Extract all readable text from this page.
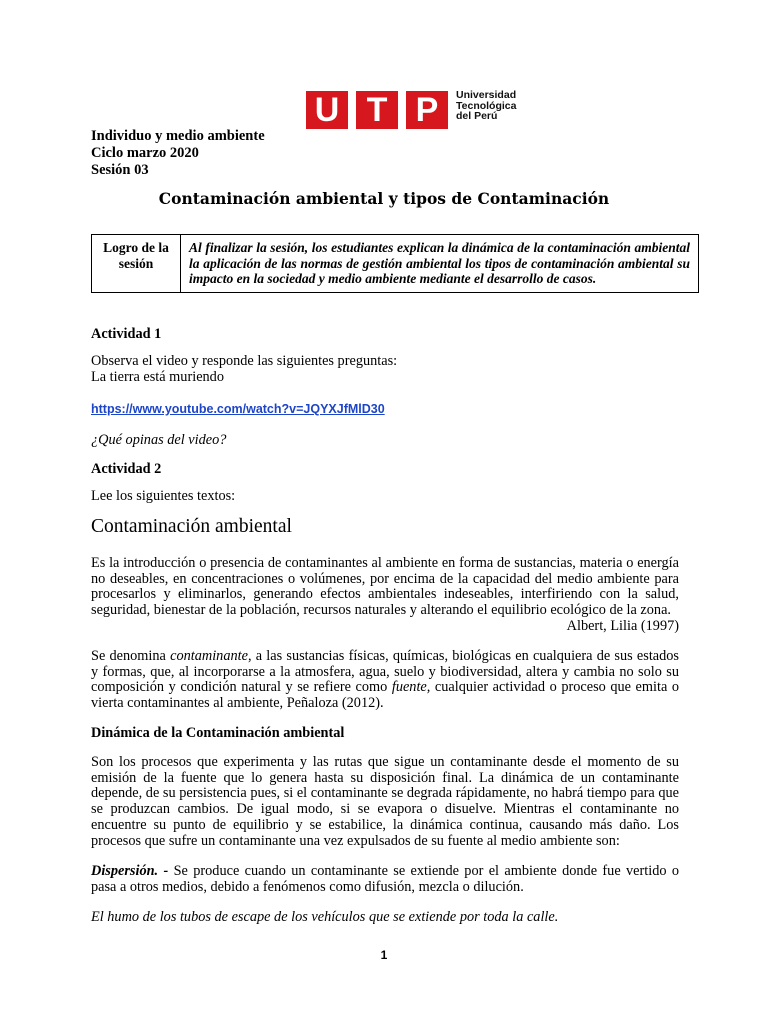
U T P	Universidad
Tecnológica
del Perú
Individuo y medio ambiente
Ciclo marzo 2020
Sesión 03
Contaminación ambiental y tipos de Contaminación
Logro de la sesión	Al finalizar la sesión, los estudiantes explican la dinámica de la contaminación ambiental la aplicación de las normas de gestión ambiental los tipos de contaminación ambiental su impacto en la sociedad y medio ambiente mediante el desarrollo de casos.
Actividad 1
Observa el video y responde las siguientes preguntas:
La tierra está muriendo
https://www.youtube.com/watch?v=JQYXJfMlD30
¿Qué opinas del video?
Actividad 2
Lee los siguientes textos:
Contaminación ambiental
Es la introducción o presencia de contaminantes al ambiente en forma de sustancias, materia o energía no deseables, en concentraciones o volúmenes, por encima de la capacidad del medio ambiente para procesarlos y eliminarlos, generando efectos ambientales indeseables, interfiriendo con la salud, seguridad, bienestar de la población, recursos naturales y alterando el equilibrio ecológico de la zona.
Albert, Lilia (1997)
Se denomina contaminante, a las sustancias físicas, químicas, biológicas en cualquiera de sus estados y formas, que, al incorporarse a la atmosfera, agua, suelo y biodiversidad, altera y cambia no solo su composición y condición natural y se refiere como fuente, cualquier actividad o proceso que emita o vierta contaminantes al ambiente, Peñaloza (2012).
Dinámica de la Contaminación ambiental
Son los procesos que experimenta y las rutas que sigue un contaminante desde el momento de su emisión de la fuente que lo genera hasta su disposición final. La dinámica de un contaminante depende, de su persistencia pues, si el contaminante se degrada rápidamente, no habrá tiempo para que se produzcan cambios. De igual modo, si se evapora o disuelve. Mientras el contaminante no encuentre su punto de equilibrio y se estabilice, la dinámica continua, causando más daño. Los procesos que sufre un contaminante una vez expulsados de su fuente al medio ambiente son:
Dispersión. - Se produce cuando un contaminante se extiende por el ambiente donde fue vertido o pasa a otros medios, debido a fenómenos como difusión, mezcla o dilución.
El humo de los tubos de escape de los vehículos que se extiende por toda la calle.
1
